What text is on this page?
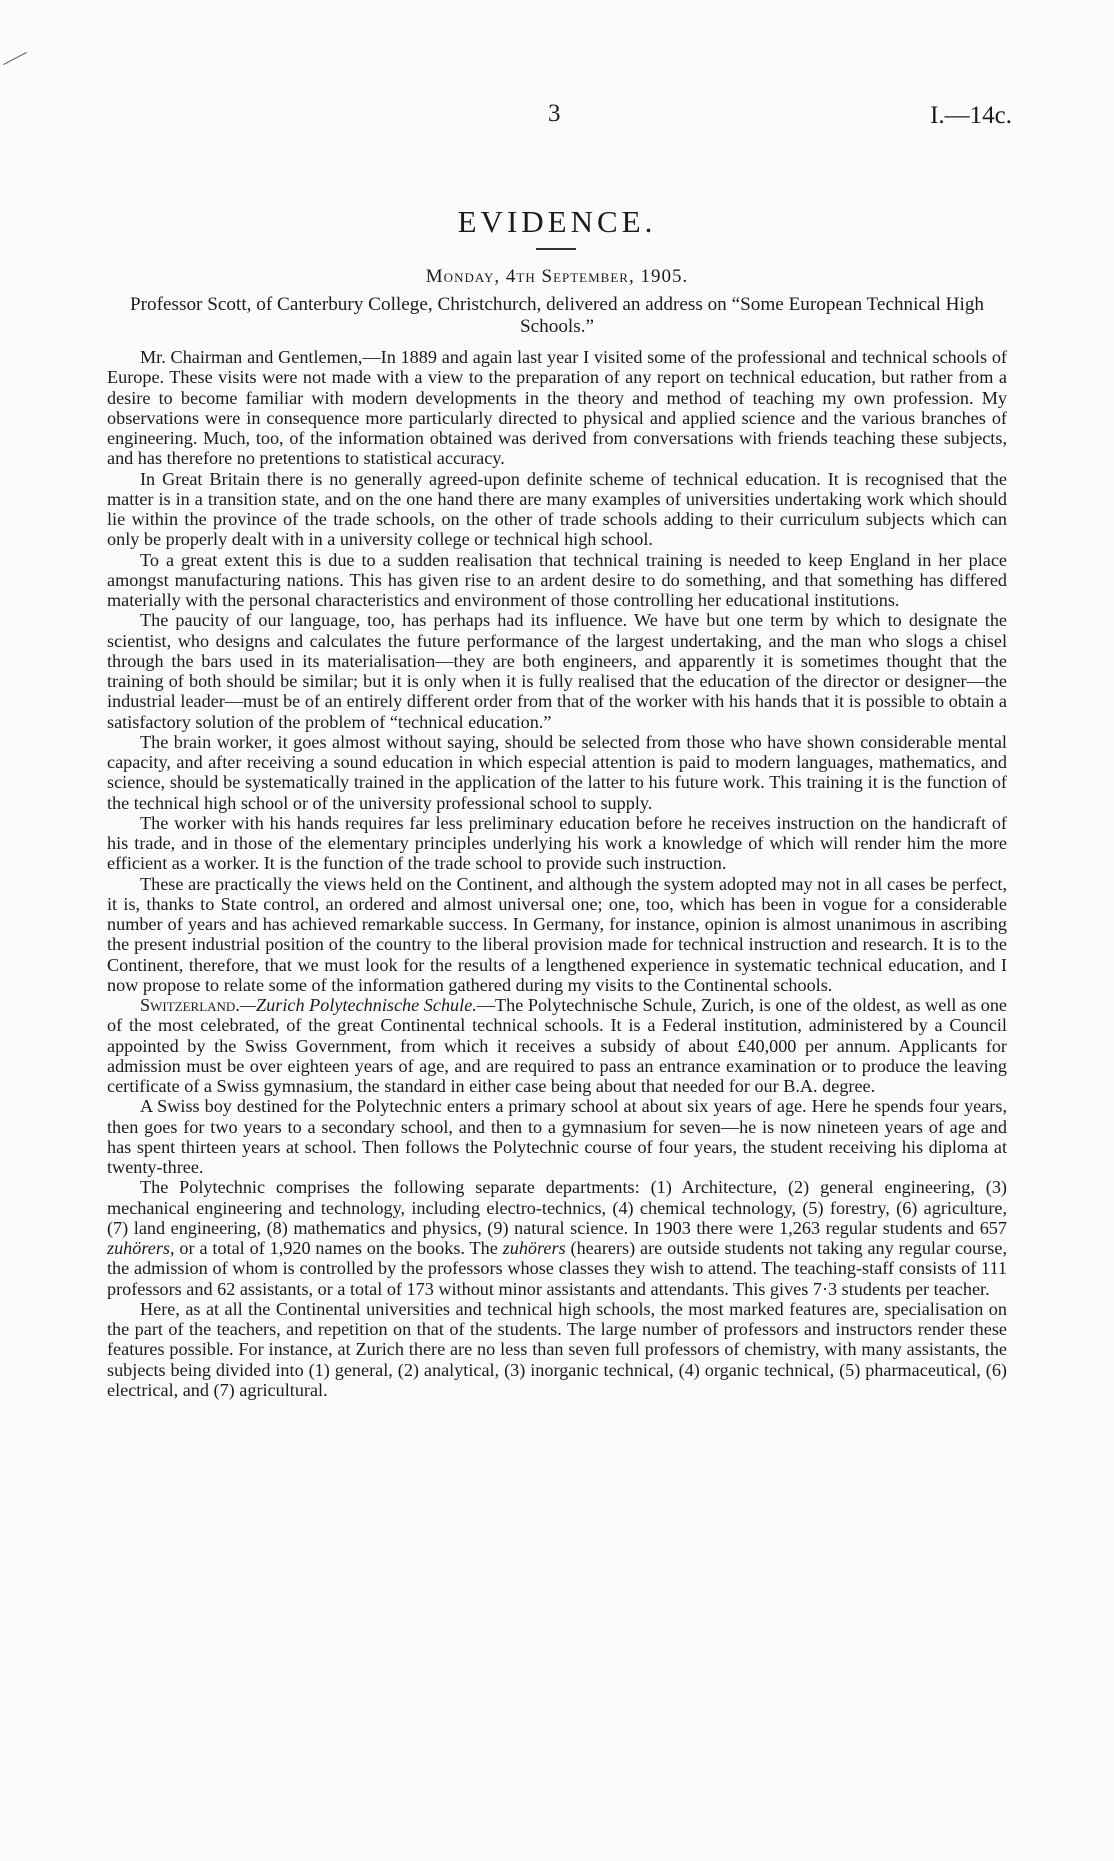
3	I.—14c.
EVIDENCE.
Monday, 4th September, 1905.
Professor Scott, of Canterbury College, Christchurch, delivered an address on “Some European Technical High Schools.”

Mr. Chairman and Gentlemen,—In 1889 and again last year I visited some of the professional and technical schools of Europe. These visits were not made with a view to the preparation of any report on technical education, but rather from a desire to become familiar with modern developments in the theory and method of teaching my own profession. My observations were in consequence more particularly directed to physical and applied science and the various branches of engineering. Much, too, of the information obtained was derived from conversations with friends teaching these subjects, and has therefore no pretentions to statistical accuracy.

In Great Britain there is no generally agreed-upon definite scheme of technical education. It is recognised that the matter is in a transition state, and on the one hand there are many examples of universities undertaking work which should lie within the province of the trade schools, on the other of trade schools adding to their curriculum subjects which can only be properly dealt with in a university college or technical high school.

To a great extent this is due to a sudden realisation that technical training is needed to keep England in her place amongst manufacturing nations. This has given rise to an ardent desire to do something, and that something has differed materially with the personal characteristics and environment of those controlling her educational institutions.

The paucity of our language, too, has perhaps had its influence. We have but one term by which to designate the scientist, who designs and calculates the future performance of the largest undertaking, and the man who slogs a chisel through the bars used in its materialisation—they are both engineers, and apparently it is sometimes thought that the training of both should be similar; but it is only when it is fully realised that the education of the director or designer—the industrial leader—must be of an entirely different order from that of the worker with his hands that it is possible to obtain a satisfactory solution of the problem of “technical education.”

The brain worker, it goes almost without saying, should be selected from those who have shown considerable mental capacity, and after receiving a sound education in which especial attention is paid to modern languages, mathematics, and science, should be systematically trained in the application of the latter to his future work. This training it is the function of the technical high school or of the university professional school to supply.

The worker with his hands requires far less preliminary education before he receives instruction on the handicraft of his trade, and in those of the elementary principles underlying his work a knowledge of which will render him the more efficient as a worker. It is the function of the trade school to provide such instruction.

These are practically the views held on the Continent, and although the system adopted may not in all cases be perfect, it is, thanks to State control, an ordered and almost universal one; one, too, which has been in vogue for a considerable number of years and has achieved remarkable success. In Germany, for instance, opinion is almost unanimous in ascribing the present industrial position of the country to the liberal provision made for technical instruction and research. It is to the Continent, therefore, that we must look for the results of a lengthened experience in systematic technical education, and I now propose to relate some of the information gathered during my visits to the Continental schools.

Switzerland.—Zurich Polytechnische Schule.—The Polytechnische Schule, Zurich, is one of the oldest, as well as one of the most celebrated, of the great Continental technical schools. It is a Federal institution, administered by a Council appointed by the Swiss Government, from which it receives a subsidy of about £40,000 per annum. Applicants for admission must be over eighteen years of age, and are required to pass an entrance examination or to produce the leaving certificate of a Swiss gymnasium, the standard in either case being about that needed for our B.A. degree.

A Swiss boy destined for the Polytechnic enters a primary school at about six years of age. Here he spends four years, then goes for two years to a secondary school, and then to a gymnasium for seven—he is now nineteen years of age and has spent thirteen years at school. Then follows the Polytechnic course of four years, the student receiving his diploma at twenty-three.

The Polytechnic comprises the following separate departments: (1) Architecture, (2) general engineering, (3) mechanical engineering and technology, including electro-technics, (4) chemical technology, (5) forestry, (6) agriculture, (7) land engineering, (8) mathematics and physics, (9) natural science. In 1903 there were 1,263 regular students and 657 zuhörers, or a total of 1,920 names on the books. The zuhörers (hearers) are outside students not taking any regular course, the admission of whom is controlled by the professors whose classes they wish to attend. The teaching-staff consists of 111 professors and 62 assistants, or a total of 173 without minor assistants and attendants. This gives 7·3 students per teacher.

Here, as at all the Continental universities and technical high schools, the most marked features are, specialisation on the part of the teachers, and repetition on that of the students. The large number of professors and instructors render these features possible. For instance, at Zurich there are no less than seven full professors of chemistry, with many assistants, the subjects being divided into (1) general, (2) analytical, (3) inorganic technical, (4) organic technical, (5) pharmaceutical, (6) electrical, and (7) agricultural.
